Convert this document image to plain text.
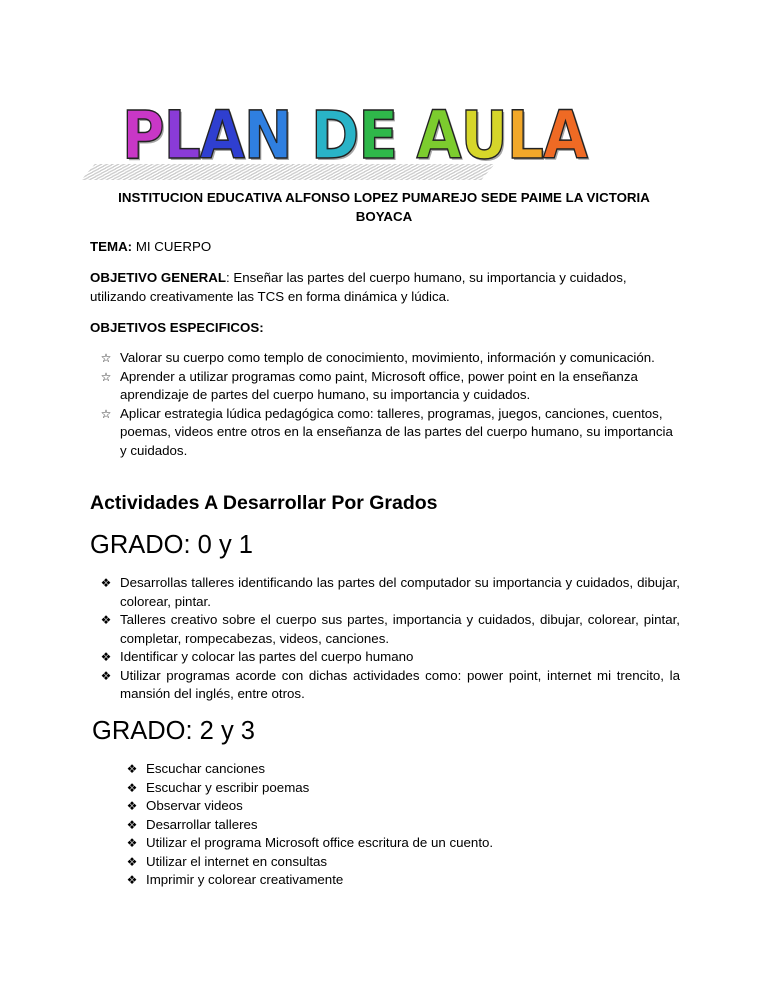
PLAN DE AULA
INSTITUCION EDUCATIVA ALFONSO LOPEZ PUMAREJO SEDE PAIME LA VICTORIA BOYACA
TEMA: MI CUERPO
OBJETIVO GENERAL: Enseñar las partes del cuerpo humano, su importancia y cuidados, utilizando creativamente las TCS en forma dinámica y lúdica.
OBJETIVOS ESPECIFICOS:
☆ Valorar su cuerpo como templo de conocimiento, movimiento, información y comunicación.
☆ Aprender a utilizar programas como paint, Microsoft office, power point en la enseñanza aprendizaje de partes del cuerpo humano, su importancia y cuidados.
☆ Aplicar estrategia lúdica pedagógica como: talleres, programas, juegos, canciones, cuentos, poemas, videos entre otros en la enseñanza de las partes del cuerpo humano, su importancia y cuidados.
Actividades A Desarrollar Por Grados
GRADO: 0 y 1
❖ Desarrollas talleres identificando las partes del computador su importancia y cuidados, dibujar, colorear, pintar.
❖ Talleres creativo sobre el cuerpo sus partes, importancia y cuidados, dibujar, colorear, pintar, completar, rompecabezas, videos, canciones.
❖ Identificar y colocar las partes del cuerpo humano
❖ Utilizar programas acorde con dichas actividades como: power point, internet mi trencito, la mansión del inglés, entre otros.
GRADO: 2 y 3
❖ Escuchar canciones
❖ Escuchar y escribir poemas
❖ Observar videos
❖ Desarrollar talleres
❖ Utilizar el programa Microsoft office escritura de un cuento.
❖ Utilizar el internet en consultas
❖ Imprimir y colorear creativamente
